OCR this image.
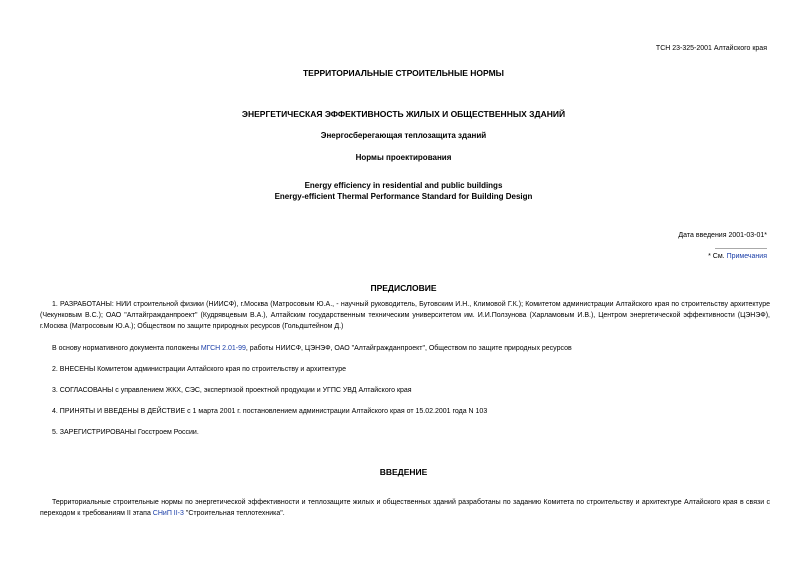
ТСН 23-325-2001 Алтайского края
ТЕРРИТОРИАЛЬНЫЕ СТРОИТЕЛЬНЫЕ НОРМЫ
ЭНЕРГЕТИЧЕСКАЯ ЭФФЕКТИВНОСТЬ ЖИЛЫХ И ОБЩЕСТВЕННЫХ ЗДАНИЙ
Энергосберегающая теплозащита зданий
Нормы проектирования
Energy efficiency in residential and public buildings
Energy-efficient Thermal Performance Standard for Building Design
Дата введения 2001-03-01*
* См. Примечания
ПРЕДИСЛОВИЕ
1. РАЗРАБОТАНЫ: НИИ строительной физики (НИИСФ), г.Москва (Матросовым Ю.А., - научный руководитель, Бутовским И.Н., Климовой Г.К.); Комитетом администрации Алтайского края по строительству архитектуре (Чекунковым В.С.); ОАО "Алтайгражданпроект" (Кудрявцевым В.А.), Алтайским государственным техническим университетом им. И.И.Ползунова (Харламовым И.В.), Центром энергетической эффективности (ЦЭНЭФ), г.Москва (Матросовым Ю.А.); Обществом по защите природных ресурсов (Гольдштейном Д.)
В основу нормативного документа положены МГСН 2.01-99, работы НИИСФ, ЦЭНЭФ, ОАО "Алтайгражданпроект", Обществом по защите природных ресурсов
2. ВНЕСЕНЫ Комитетом администрации Алтайского края по строительству и архитектуре
3. СОГЛАСОВАНЫ с управлением ЖКХ, СЭС, экспертизой проектной продукции и УГПС УВД Алтайского края
4. ПРИНЯТЫ И ВВЕДЕНЫ В ДЕЙСТВИЕ с 1 марта 2001 г. постановлением администрации Алтайского края от 15.02.2001 года N 103
5. ЗАРЕГИСТРИРОВАНЫ Госстроем России.
ВВЕДЕНИЕ
Территориальные строительные нормы по энергетической эффективности и теплозащите жилых и общественных зданий разработаны по заданию Комитета по строительству и архитектуре Алтайского края в связи с переходом к требованиям II этапа СНиП II-3 "Строительная теплотехника".
